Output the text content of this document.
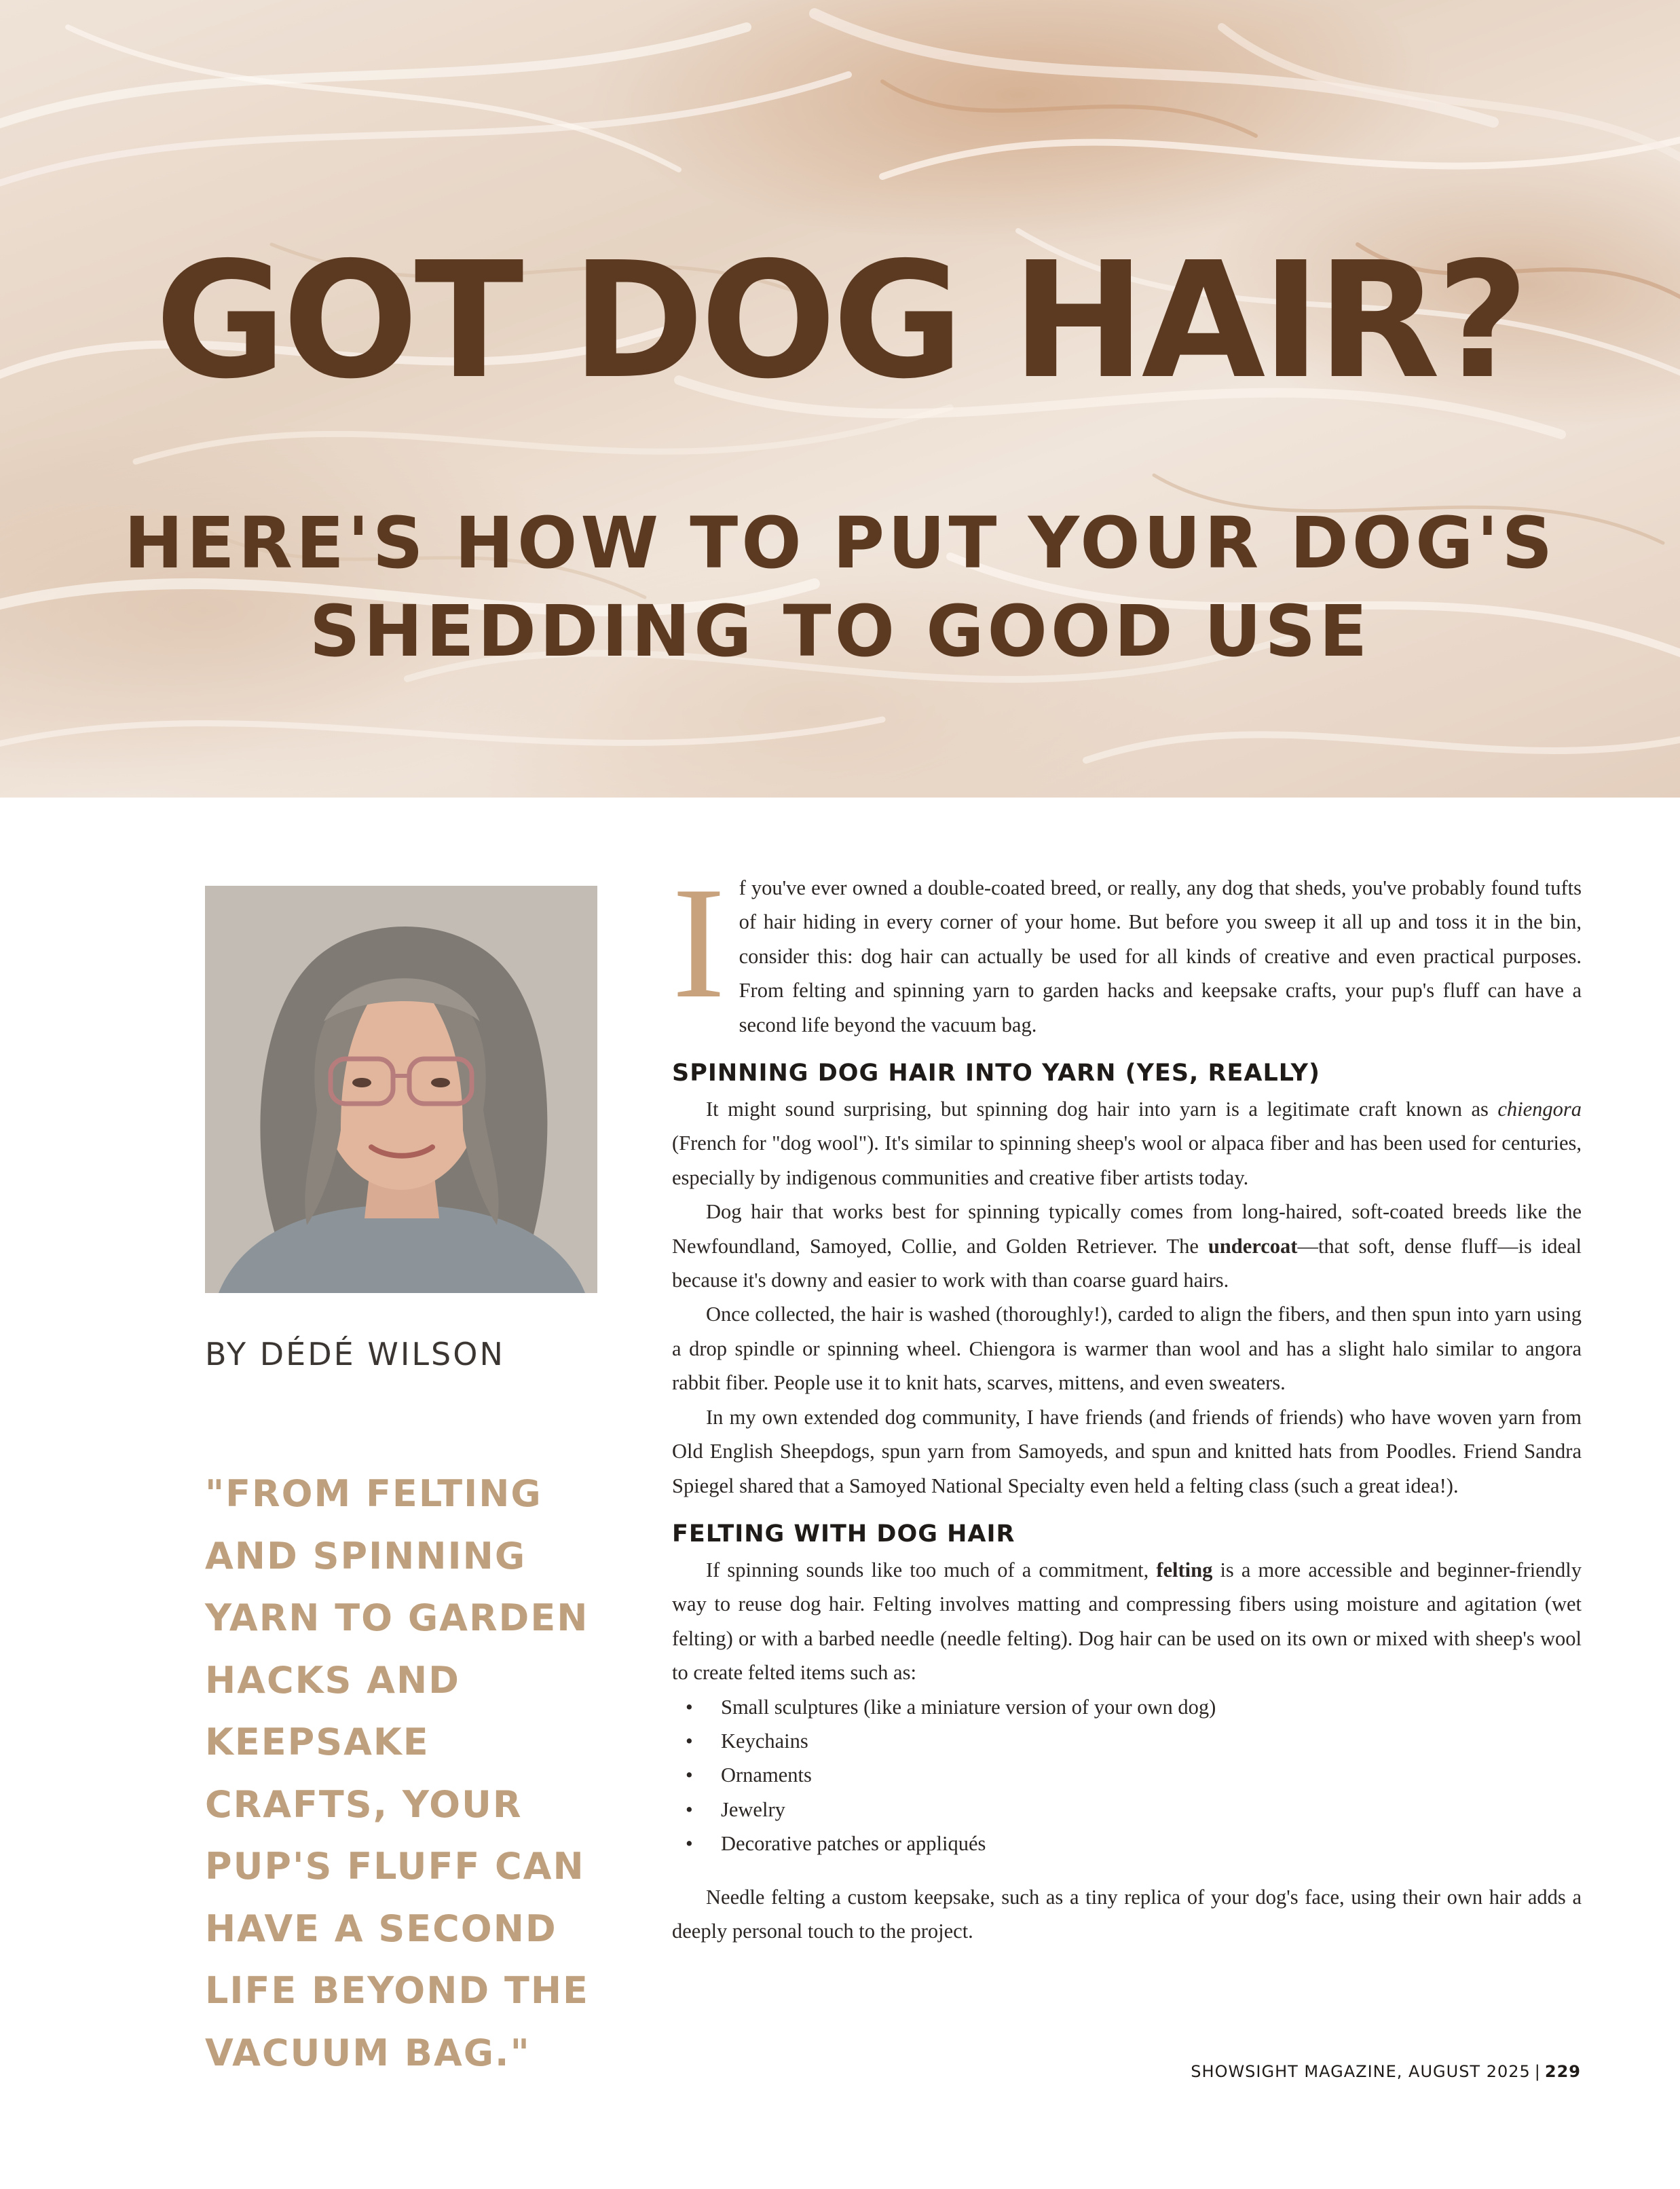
GOT DOG HAIR?
HERE'S HOW TO PUT YOUR DOG'S
SHEDDING TO GOOD USE

BY DÉDÉ WILSON

"FROM FELTING AND SPINNING YARN TO GARDEN HACKS AND KEEPSAKE CRAFTS, YOUR PUP'S FLUFF CAN HAVE A SECOND LIFE BEYOND THE VACUUM BAG."

If you've ever owned a double-coated breed, or really, any dog that sheds, you've probably found tufts of hair hiding in every corner of your home. But before you sweep it all up and toss it in the bin, consider this: dog hair can actually be used for all kinds of creative and even practical purposes. From felting and spinning yarn to garden hacks and keepsake crafts, your pup's fluff can have a second life beyond the vacuum bag.

SPINNING DOG HAIR INTO YARN (YES, REALLY)

It might sound surprising, but spinning dog hair into yarn is a legitimate craft known as chiengora (French for "dog wool"). It's similar to spinning sheep's wool or alpaca fiber and has been used for centuries, especially by indigenous communities and creative fiber artists today.

Dog hair that works best for spinning typically comes from long-haired, soft-coated breeds like the Newfoundland, Samoyed, Collie, and Golden Retriever. The undercoat—that soft, dense fluff—is ideal because it's downy and easier to work with than coarse guard hairs.

Once collected, the hair is washed (thoroughly!), carded to align the fibers, and then spun into yarn using a drop spindle or spinning wheel. Chiengora is warmer than wool and has a slight halo similar to angora rabbit fiber. People use it to knit hats, scarves, mittens, and even sweaters.

In my own extended dog community, I have friends (and friends of friends) who have woven yarn from Old English Sheepdogs, spun yarn from Samoyeds, and spun and knitted hats from Poodles. Friend Sandra Spiegel shared that a Samoyed National Specialty even held a felting class (such a great idea!).

FELTING WITH DOG HAIR

If spinning sounds like too much of a commitment, felting is a more accessible and beginner-friendly way to reuse dog hair. Felting involves matting and compressing fibers using moisture and agitation (wet felting) or with a barbed needle (needle felting). Dog hair can be used on its own or mixed with sheep's wool to create felted items such as:

• Small sculptures (like a miniature version of your own dog)
• Keychains
• Ornaments
• Jewelry
• Decorative patches or appliqués

Needle felting a custom keepsake, such as a tiny replica of your dog's face, using their own hair adds a deeply personal touch to the project.

SHOWSIGHT MAGAZINE, AUGUST 2025 | 229
